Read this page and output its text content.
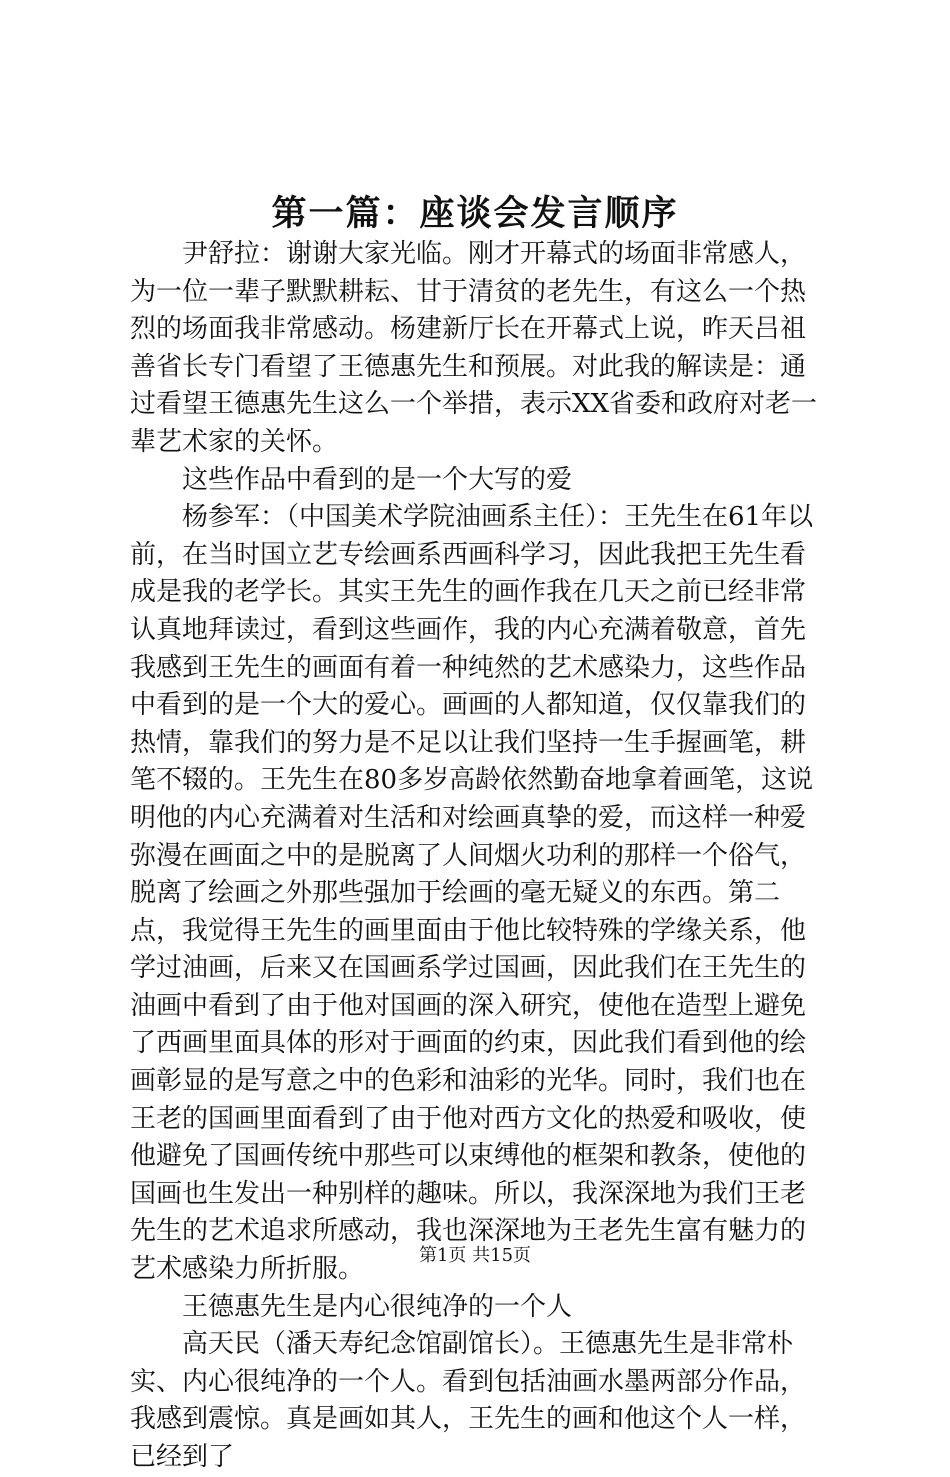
第一篇：座谈会发言顺序

尹舒拉：谢谢大家光临。刚才开幕式的场面非常感人，为一位一辈子默默耕耘、甘于清贫的老先生，有这么一个热烈的场面我非常感动。杨建新厅长在开幕式上说，昨天吕祖善省长专门看望了王德惠先生和预展。对此我的解读是：通过看望王德惠先生这么一个举措，表示XX省委和政府对老一辈艺术家的关怀。

这些作品中看到的是一个大写的爱

杨参军：（中国美术学院油画系主任）：王先生在61年以前，在当时国立艺专绘画系西画科学习，因此我把王先生看成是我的老学长。其实王先生的画作我在几天之前已经非常认真地拜读过，看到这些画作，我的内心充满着敬意，首先我感到王先生的画面有着一种纯然的艺术感染力，这些作品中看到的是一个大的爱心。画画的人都知道，仅仅靠我们的热情，靠我们的努力是不足以让我们坚持一生手握画笔，耕笔不辍的。王先生在80多岁高龄依然勤奋地拿着画笔，这说明他的内心充满着对生活和对绘画真挚的爱，而这样一种爱弥漫在画面之中的是脱离了人间烟火功利的那样一个俗气，脱离了绘画之外那些强加于绘画的毫无疑义的东西。第二点，我觉得王先生的画里面由于他比较特殊的学缘关系，他学过油画，后来又在国画系学过国画，因此我们在王先生的油画中看到了由于他对国画的深入研究，使他在造型上避免了西画里面具体的形对于画面的约束，因此我们看到他的绘画彰显的是写意之中的色彩和油彩的光华。同时，我们也在王老的国画里面看到了由于他对西方文化的热爱和吸收，使他避免了国画传统中那些可以束缚他的框架和教条，使他的国画也生发出一种别样的趣味。所以，我深深地为我们王老先生的艺术追求所感动，我也深深地为王老先生富有魅力的艺术感染力所折服。

王德惠先生是内心很纯净的一个人

高天民（潘天寿纪念馆副馆长）。王德惠先生是非常朴实、内心很纯净的一个人。看到包括油画水墨两部分作品，我感到震惊。真是画如其人，王先生的画和他这个人一样，已经到了

第1页 共15页
